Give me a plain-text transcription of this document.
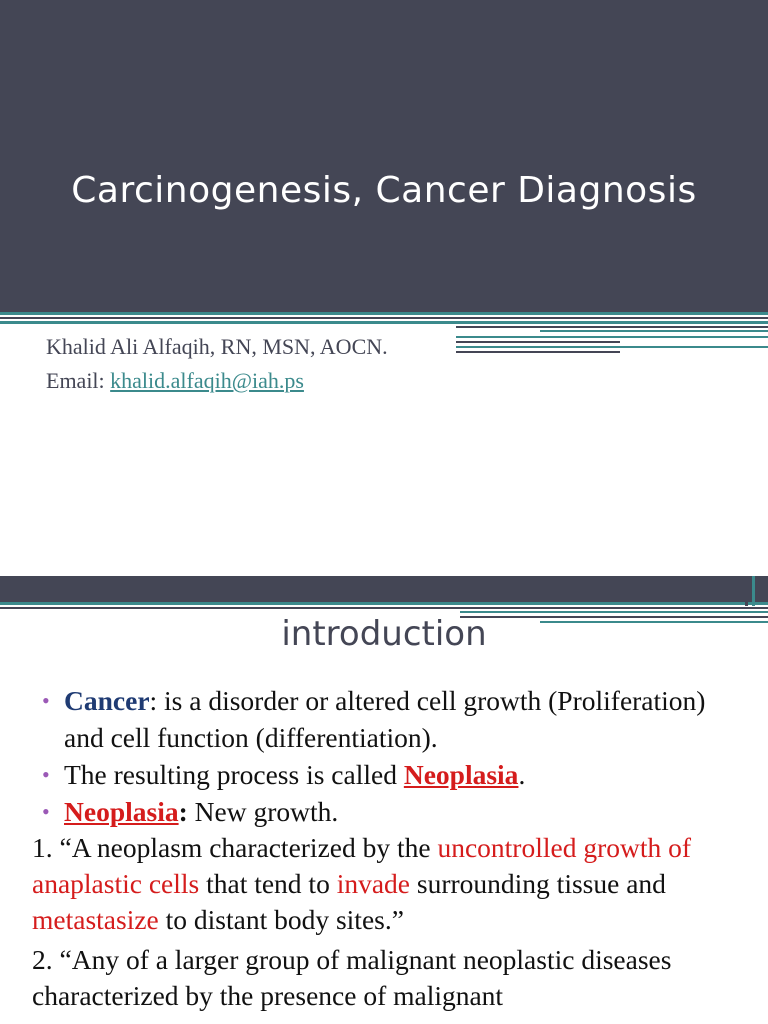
Carcinogenesis, Cancer Diagnosis
Khalid Ali Alfaqih, RN, MSN, AOCN.
Email: khalid.alfaqih@iah.ps
introduction
• Cancer: is a disorder or altered cell growth (Proliferation) and cell function (differentiation).
• The resulting process is called Neoplasia.
• Neoplasia: New growth.
1. “A neoplasm characterized by the uncontrolled growth of anaplastic cells that tend to invade surrounding tissue and metastasize to distant body sites.”
2. “Any of a larger group of malignant neoplastic diseases characterized by the presence of malignant
